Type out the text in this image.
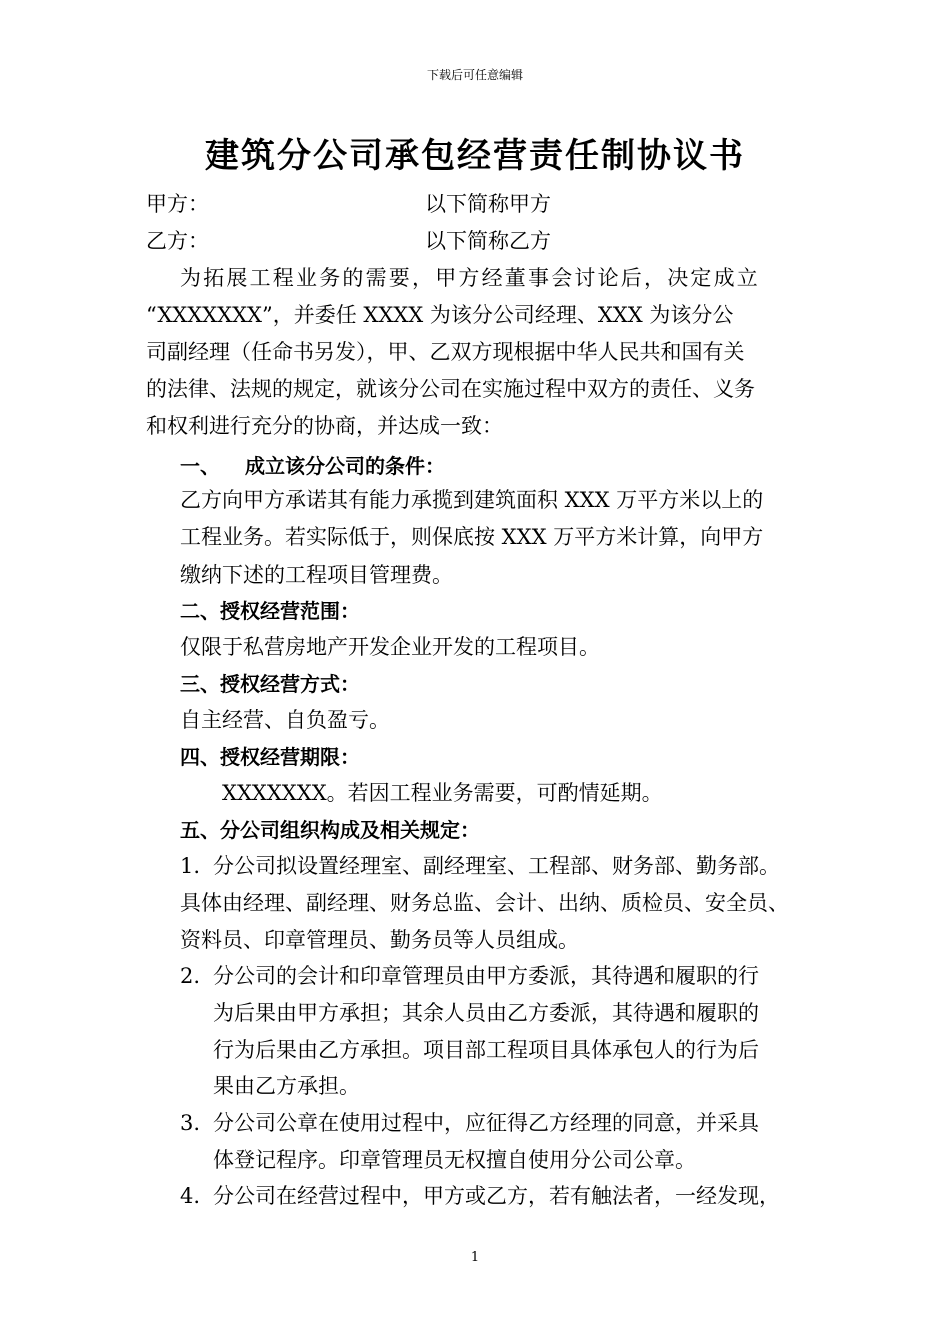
下载后可任意编辑
建筑分公司承包经营责任制协议书
甲方：	以下简称甲方
乙方：	以下简称乙方
为拓展工程业务的需要，甲方经董事会讨论后，决定成立
“XXXXXXX”，并委任 XXXX 为该分公司经理、XXX 为该分公
司副经理（任命书另发），甲、乙双方现根据中华人民共和国有关
的法律、法规的规定，就该分公司在实施过程中双方的责任、义务
和权利进行充分的协商，并达成一致：
一、 成立该分公司的条件：
乙方向甲方承诺其有能力承揽到建筑面积 XXX 万平方米以上的
工程业务。若实际低于，则保底按 XXX 万平方米计算，向甲方
缴纳下述的工程项目管理费。
二、授权经营范围：
仅限于私营房地产开发企业开发的工程项目。
三、授权经营方式：
自主经营、自负盈亏。
四、授权经营期限：
XXXXXXX。若因工程业务需要，可酌情延期。
五、分公司组织构成及相关规定：
1. 分公司拟设置经理室、副经理室、工程部、财务部、勤务部。
具体由经理、副经理、财务总监、会计、出纳、质检员、安全员、
资料员、印章管理员、勤务员等人员组成。
2. 分公司的会计和印章管理员由甲方委派，其待遇和履职的行
为后果由甲方承担；其余人员由乙方委派，其待遇和履职的
行为后果由乙方承担。项目部工程项目具体承包人的行为后
果由乙方承担。
3. 分公司公章在使用过程中，应征得乙方经理的同意，并采具
体登记程序。印章管理员无权擅自使用分公司公章。
4. 分公司在经营过程中，甲方或乙方，若有触法者，一经发现，
1
